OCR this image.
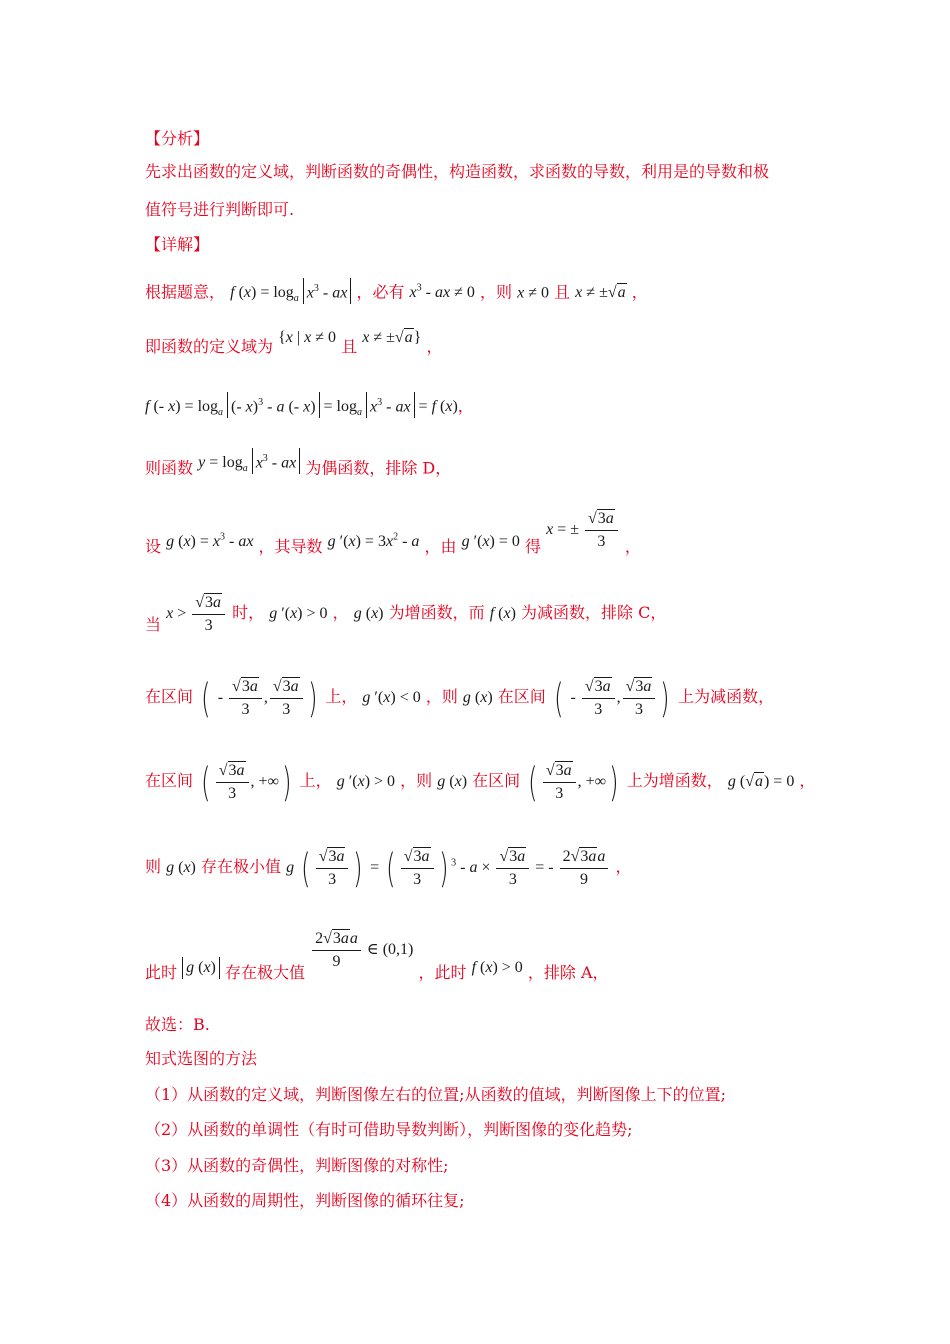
【分析】
先求出函数的定义域，判断函数的奇偶性，构造函数，求函数的导数，利用是的导数和极
值符号进行判断即可.
【详解】
根据题意， f $(x) = \log_a x^3$ - ax ，必有 $x^3$ - ax ≠ 0 ，则 x ≠ 0 且 x ≠ ±√a ，
即函数的定义域为 {x | x ≠ 0 且 x ≠ ±√a} ，
f (- $x) = \log_a$ (- x)$^3$ - a (- $x) = \log_a x^3$ - ax = f (x)，
则函数 $y = \log_a x^3$ - ax 为偶函数，排除 D，
设 g $(x) = x^3$ - ax ，其导数 g $'(x) = 3x^2 - a$ ，由 g ′(x) = 0 得 x = ± $\frac{√3a}{3}$ ，
当 $x > \frac{√3a}{3}$ 时， g ′(x) > 0 ， g (x) 为增函数，而 f (x) 为减函数，排除 C，
在区间 ( - $\frac{√3a}{3}$ , $\frac{√3a}{3}$ ) 上， g ′(x) < 0 ，则 g (x) 在区间 ( - $\frac{√3a}{3}$ , $\frac{√3a}{3}$ ) 上为减函数，
在区间 ( $\frac{√3a}{3}$ , +∞) 上， g ′(x) > 0 ，则 g (x) 在区间 ( $\frac{√3a}{3}$ , +∞) 上为增函数， g (√a) = 0 ，
则 g (x) 存在极小值 g ( $\frac{√3a}{3}$ ) = ( $\frac{√3a}{3}$ ) $^3 - a \times \frac{√3a}{3}$ = - $\frac{2√3aa}{9}$ ，
此时 g (x) 存在极大值 $\frac{2√3aa}{9}$ ∈ (0,1) ，此时 f (x) > 0 ，排除 A，
故选：B.
知式选图的方法
（1）从函数的定义域，判断图像左右的位置;从函数的值域，判断图像上下的位置;
（2）从函数的单调性（有时可借助导数判断），判断图像的变化趋势;
（3）从函数的奇偶性，判断图像的对称性;
（4）从函数的周期性，判断图像的循环往复;
